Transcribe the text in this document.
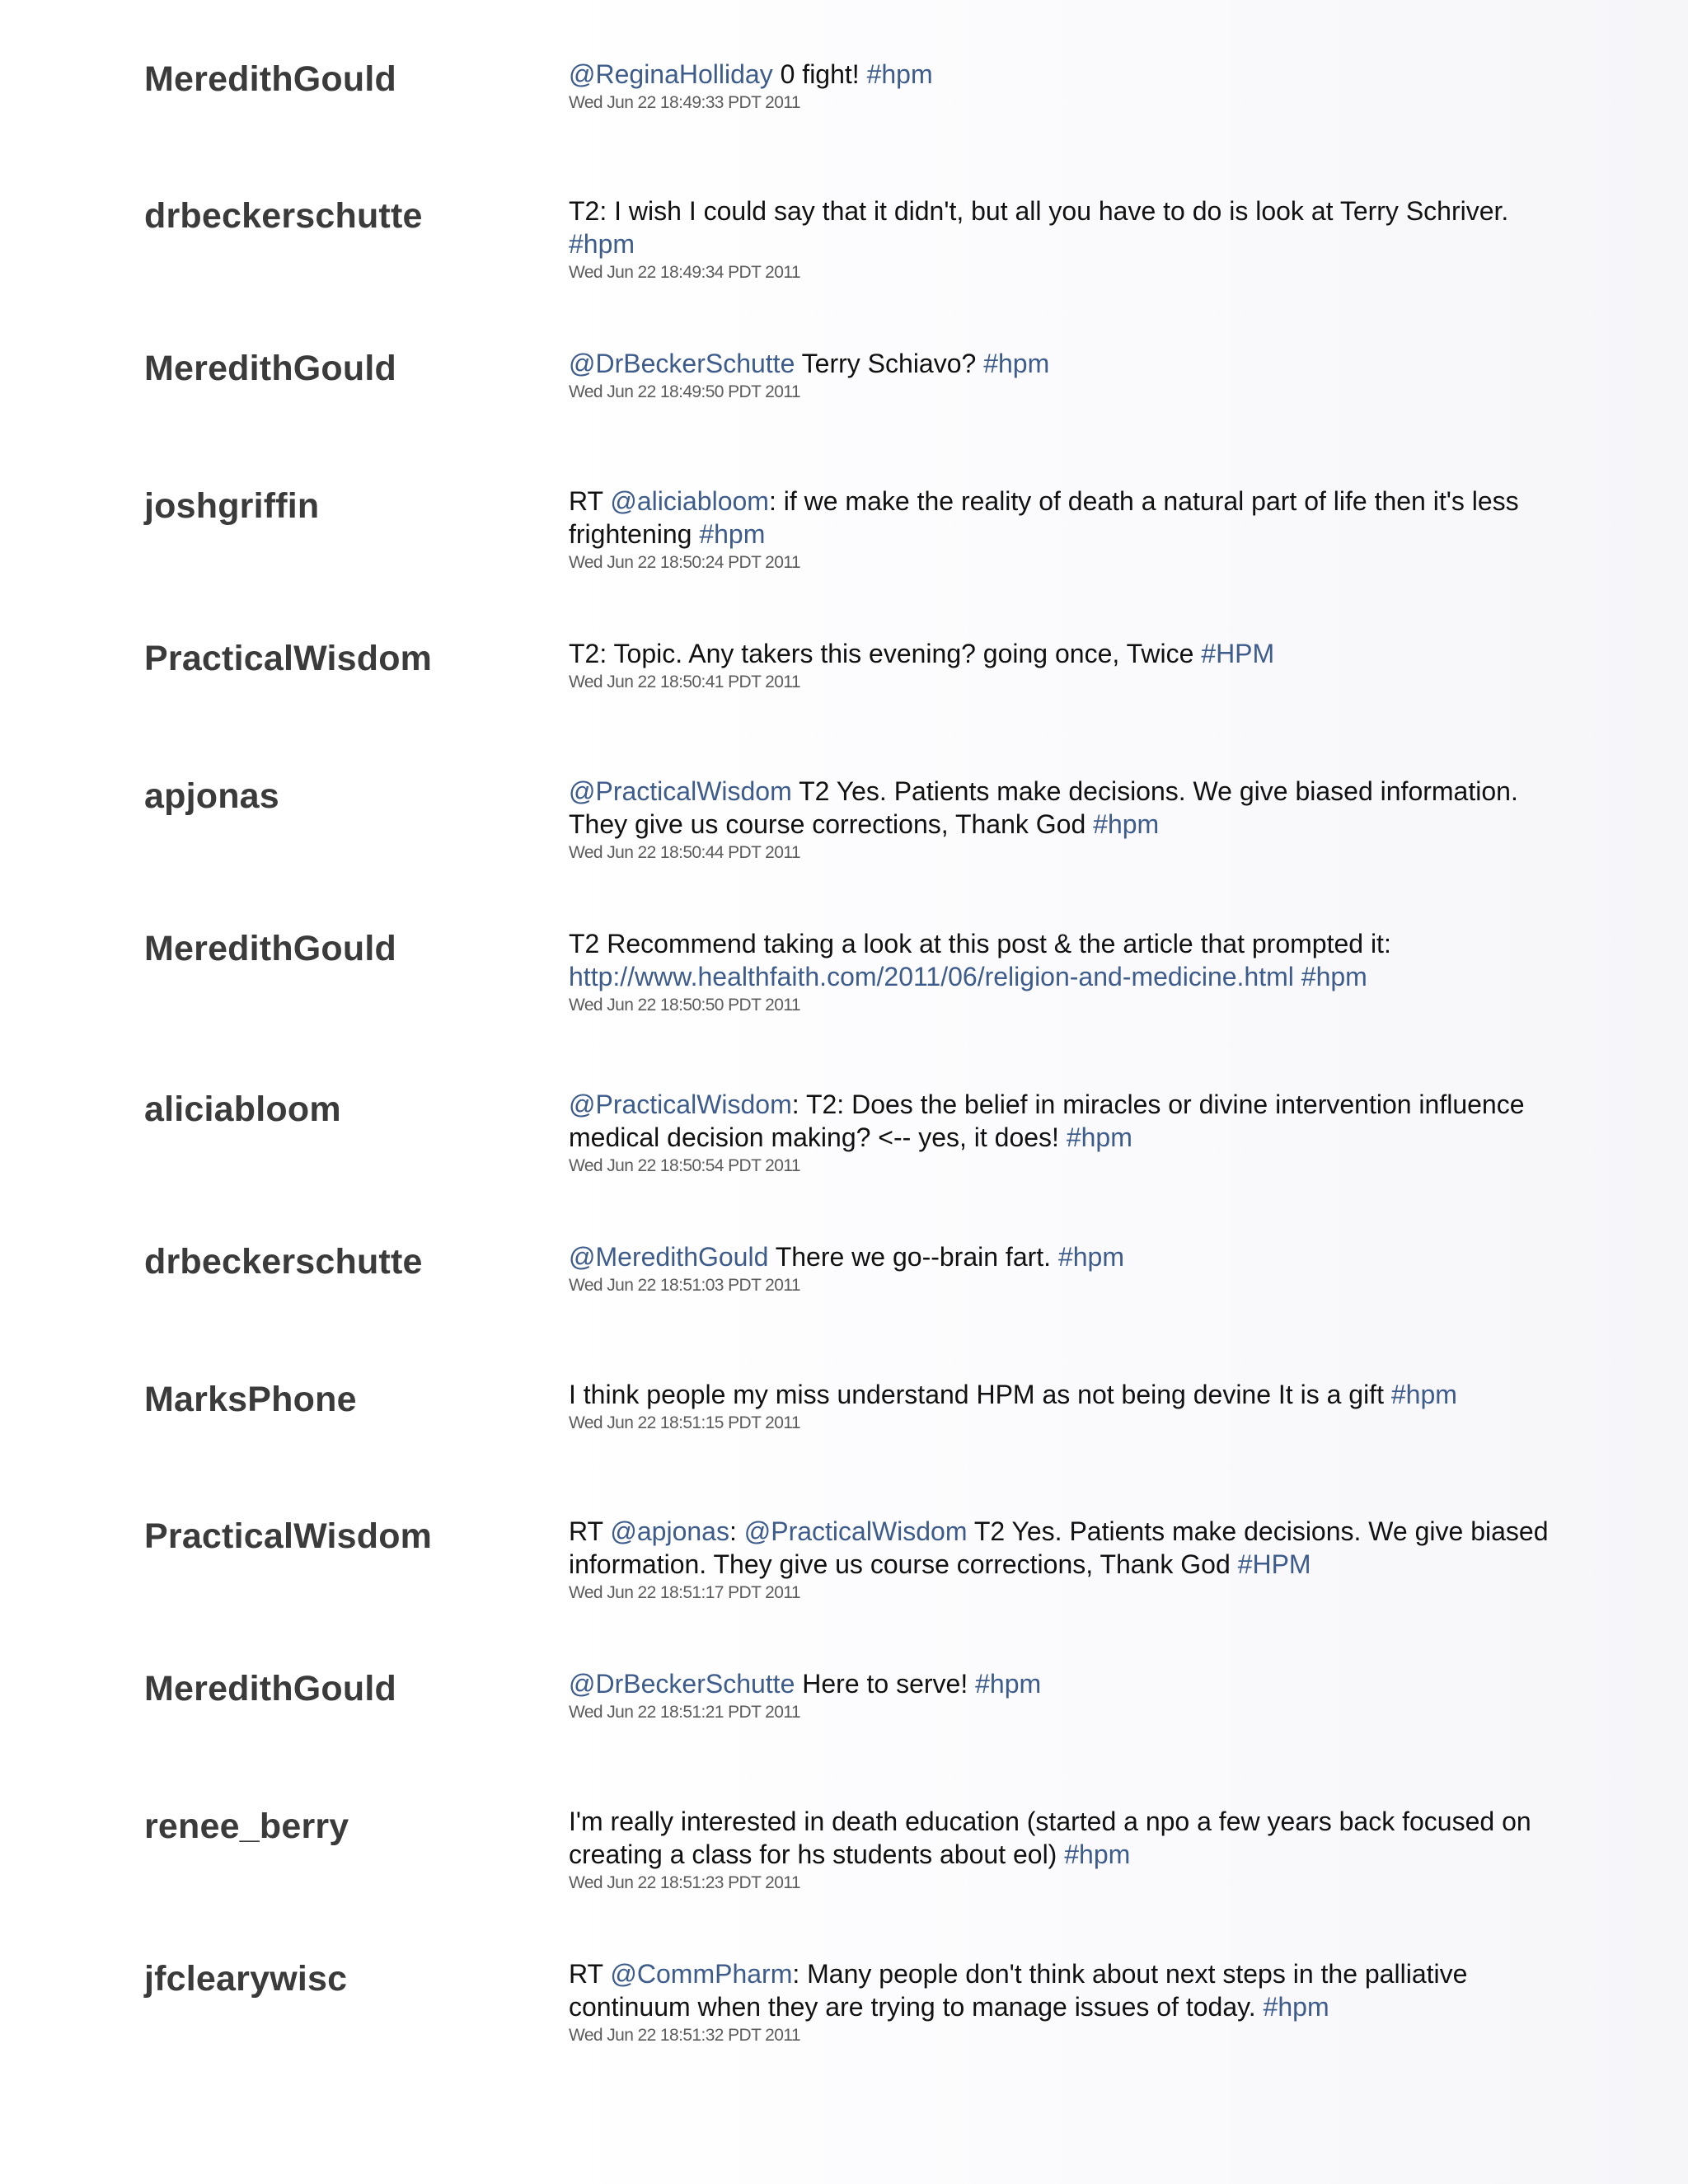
MeredithGould	@ReginaHolliday 0 fight! #hpm
Wed Jun 22 18:49:33 PDT 2011
drbeckerschutte	T2: I wish I could say that it didn't, but all you have to do is look at Terry Schriver. #hpm
Wed Jun 22 18:49:34 PDT 2011
MeredithGould	@DrBeckerSchutte Terry Schiavo? #hpm
Wed Jun 22 18:49:50 PDT 2011
joshgriffin	RT @aliciabloom: if we make the reality of death a natural part of life then it's less frightening #hpm
Wed Jun 22 18:50:24 PDT 2011
PracticalWisdom	T2: Topic. Any takers this evening? going once, Twice #HPM
Wed Jun 22 18:50:41 PDT 2011
apjonas	@PracticalWisdom T2 Yes. Patients make decisions. We give biased information. They give us course corrections, Thank God #hpm
Wed Jun 22 18:50:44 PDT 2011
MeredithGould	T2 Recommend taking a look at this post & the article that prompted it: http://www.healthfaith.com/2011/06/religion-and-medicine.html #hpm
Wed Jun 22 18:50:50 PDT 2011
aliciabloom	@PracticalWisdom: T2: Does the belief in miracles or divine intervention influence medical decision making? <-- yes, it does! #hpm
Wed Jun 22 18:50:54 PDT 2011
drbeckerschutte	@MeredithGould There we go--brain fart. #hpm
Wed Jun 22 18:51:03 PDT 2011
MarksPhone	I think people my miss understand HPM as not being devine It is a gift #hpm
Wed Jun 22 18:51:15 PDT 2011
PracticalWisdom	RT @apjonas: @PracticalWisdom T2 Yes. Patients make decisions. We give biased information. They give us course corrections, Thank God #HPM
Wed Jun 22 18:51:17 PDT 2011
MeredithGould	@DrBeckerSchutte Here to serve! #hpm
Wed Jun 22 18:51:21 PDT 2011
renee_berry	I'm really interested in death education (started a npo a few years back focused on creating a class for hs students about eol) #hpm
Wed Jun 22 18:51:23 PDT 2011
jfclearywisc	RT @CommPharm: Many people don't think about next steps in the palliative continuum when they are trying to manage issues of today. #hpm
Wed Jun 22 18:51:32 PDT 2011
